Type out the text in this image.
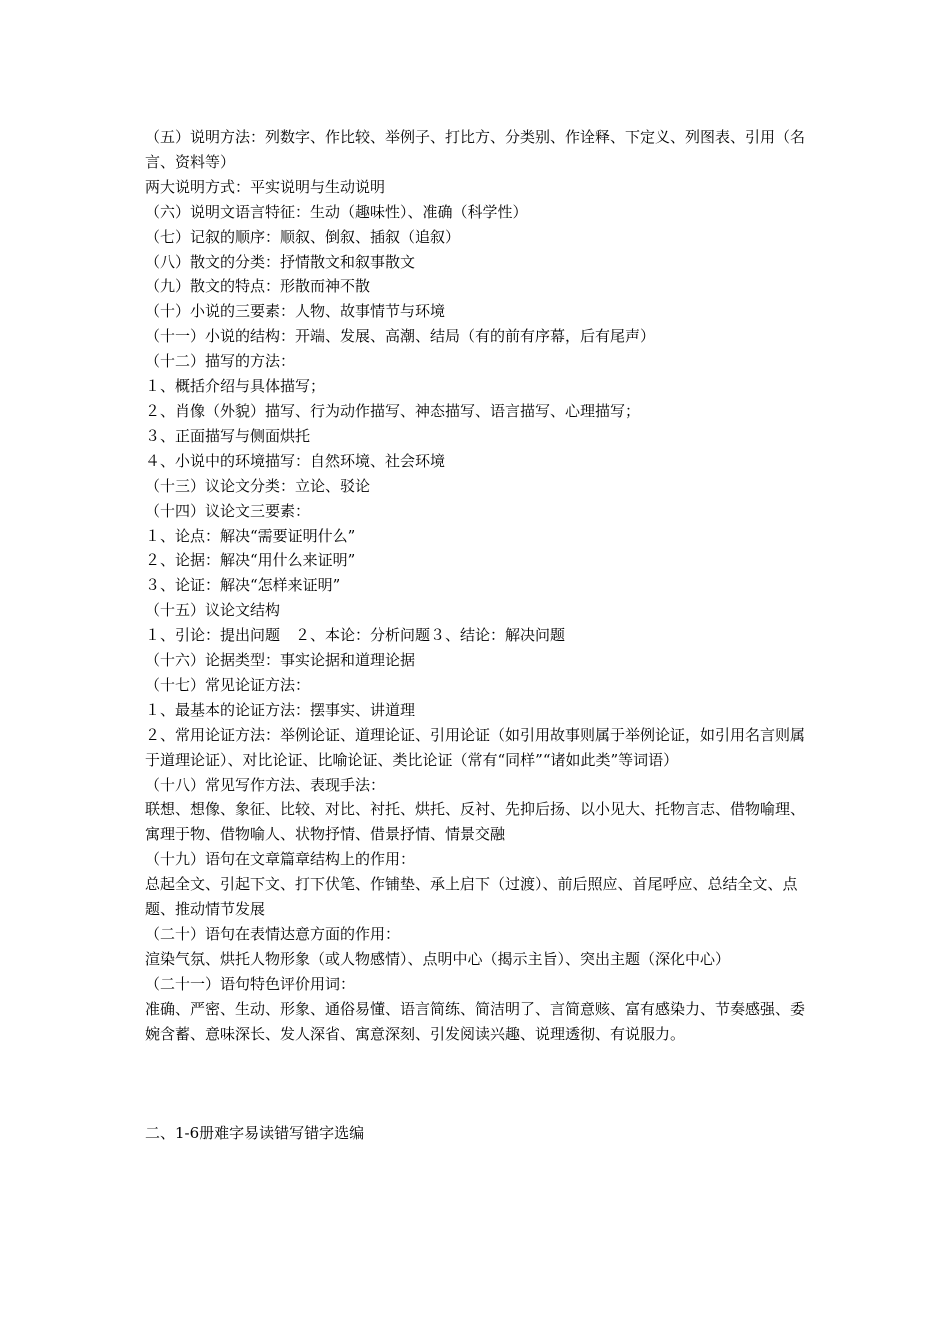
（五）说明方法：列数字、作比较、举例子、打比方、分类别、作诠释、下定义、列图表、引用（名言、资料等）

两大说明方式：平实说明与生动说明

（六）说明文语言特征：生动（趣味性）、准确（科学性）

（七）记叙的顺序：顺叙、倒叙、插叙（追叙）

（八）散文的分类：抒情散文和叙事散文

（九）散文的特点：形散而神不散

（十）小说的三要素：人物、故事情节与环境

（十一）小说的结构：开端、发展、高潮、结局（有的前有序幕，后有尾声）

（十二）描写的方法：

１、概括介绍与具体描写；

２、肖像（外貌）描写、行为动作描写、神态描写、语言描写、心理描写；

３、正面描写与侧面烘托

４、小说中的环境描写：自然环境、社会环境

（十三）议论文分类：立论、驳论

（十四）议论文三要素：

１、论点：解决“需要证明什么”

２、论据：解决“用什么来证明”

３、论证：解决“怎样来证明”

（十五）议论文结构

１、引论：提出问题　２、本论：分析问题３、结论：解决问题

（十六）论据类型：事实论据和道理论据

（十七）常见论证方法：

１、最基本的论证方法：摆事实、讲道理

２、常用论证方法：举例论证、道理论证、引用论证（如引用故事则属于举例论证，如引用名言则属于道理论证）、对比论证、比喻论证、类比论证（常有“同样”“诸如此类”等词语）

（十八）常见写作方法、表现手法：

联想、想像、象征、比较、对比、衬托、烘托、反衬、先抑后扬、以小见大、托物言志、借物喻理、寓理于物、借物喻人、状物抒情、借景抒情、情景交融

（十九）语句在文章篇章结构上的作用：

总起全文、引起下文、打下伏笔、作铺垫、承上启下（过渡）、前后照应、首尾呼应、总结全文、点题、推动情节发展

（二十）语句在表情达意方面的作用：

渲染气氛、烘托人物形象（或人物感情）、点明中心（揭示主旨）、突出主题（深化中心）

（二十一）语句特色评价用词：

准确、严密、生动、形象、通俗易懂、语言简练、简洁明了、言简意赅、富有感染力、节奏感强、委婉含蓄、意味深长、发人深省、寓意深刻、引发阅读兴趣、说理透彻、有说服力。

二、1-6册难字易读错写错字选编
